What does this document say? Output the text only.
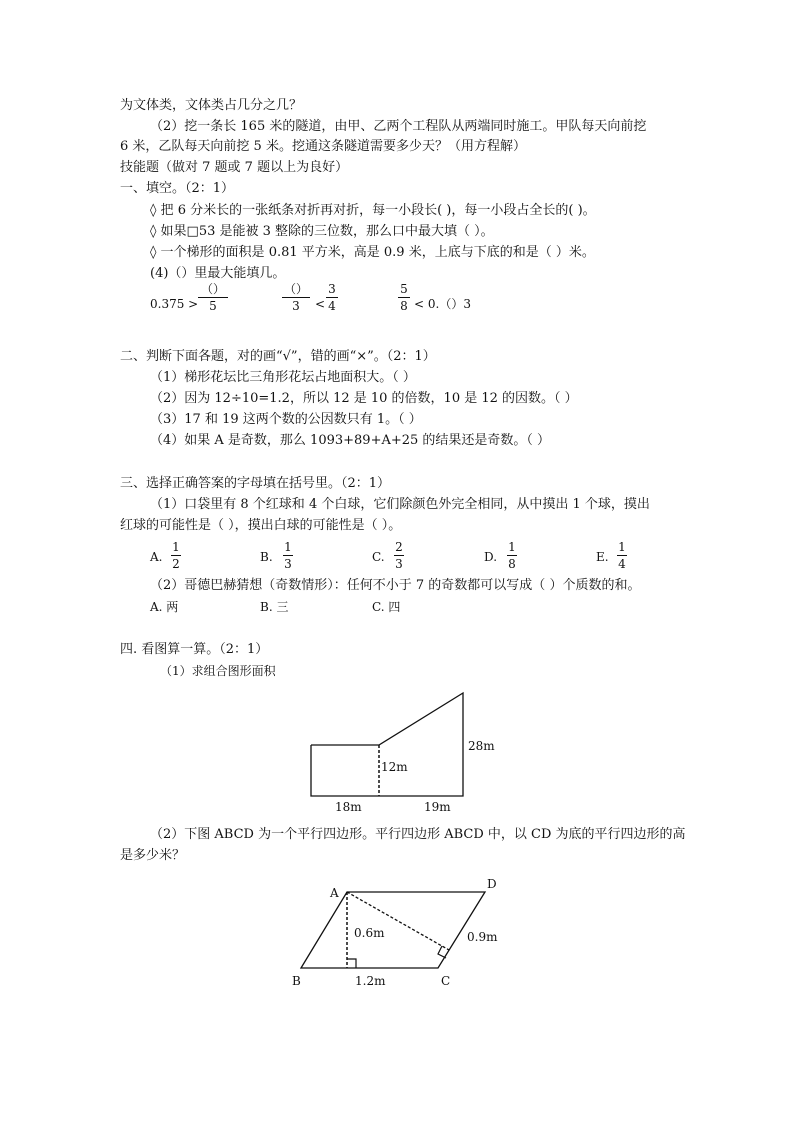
为文体类，文体类占几分之几？
（2）挖一条长 165 米的隧道，由甲、乙两个工程队从两端同时施工。甲队每天向前挖
6 米，乙队每天向前挖 5 米。挖通这条隧道需要多少天？（用方程解）
技能题（做对 7 题或 7 题以上为良好）
一、填空。（2：1）
◊ 把 6 分米长的一张纸条对折再对折，每一小段长( )，每一小段占全长的( )。
◊ 如果□53 是能被 3 整除的三位数，那么口中最大填（ ）。
◊ 一个梯形的面积是 0.81 平方米，高是 0.9 米，上底与下底的和是（ ）米。
(4)（）里最大能填几。
0.375 >
（）
5
（）
3	<
3
4
5
8 < 0.（）3
二、判断下面各题，对的画“√”，错的画“×”。（2：1）
（1）梯形花坛比三角形花坛占地面积大。（ ）
（2）因为 12÷10=1.2，所以 12 是 10 的倍数，10 是 12 的因数。（ ）
（3）17 和 19 这两个数的公因数只有 1。（ ）
（4）如果 A 是奇数，那么 1093+89+A+25 的结果还是奇数。（ ）
三、选择正确答案的字母填在括号里。（2：1）
（1）口袋里有 8 个红球和 4 个白球，它们除颜色外完全相同，从中摸出 1 个球，摸出
红球的可能性是（ ），摸出白球的可能性是（ ）。
A.
1
2	B.
1
3	C.
2
3	D.
1
8	E.
1
4
（2）哥德巴赫猜想（奇数情形）：任何不小于 7 的奇数都可以写成（ ）个质数的和。
A. 两	B. 三	C. 四
四. 看图算一算。（2：1）
（1）求组合图形面积
12m
28m
18m	19m
（2）下图 ABCD 为一个平行四边形。平行四边形 ABCD 中，以 CD 为底的平行四边形的高
是多少米？
A
D
B	C
0.6m
1.2m
0.9m
